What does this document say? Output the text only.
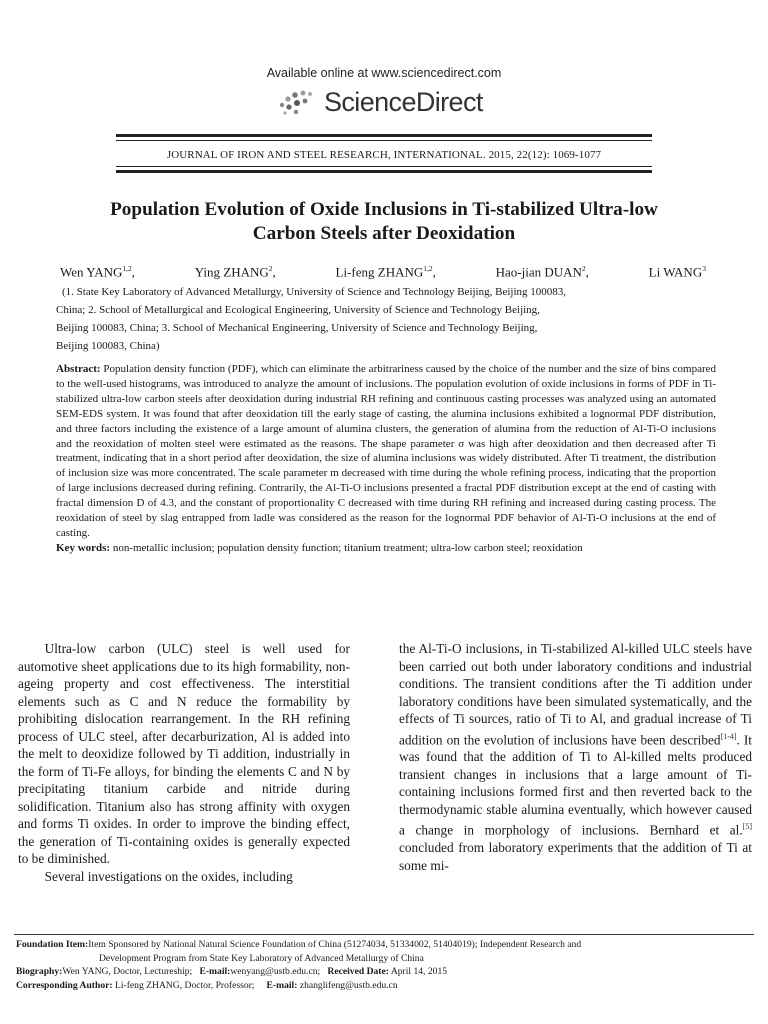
Available online at www.sciencedirect.com
ScienceDirect
JOURNAL OF IRON AND STEEL RESEARCH, INTERNATIONAL. 2015, 22(12): 1069-1077
Population Evolution of Oxide Inclusions in Ti-stabilized Ultra-low
Carbon Steels after Deoxidation
Wen YANG$^{1,2}$,	Ying ZHANG$^2$,	Li-feng ZHANG$^{1,2}$,	Hao-jian DUAN$^2$,	Li WANG$^3$
(1. State Key Laboratory of Advanced Metallurgy, University of Science and Technology Beijing, Beijing 100083,
China; 2. School of Metallurgical and Ecological Engineering, University of Science and Technology Beijing,
Beijing 100083, China; 3. School of Mechanical Engineering, University of Science and Technology Beijing,
Beijing 100083, China)
Abstract: Population density function (PDF), which can eliminate the arbitrariness caused by the choice of the number and the size of bins compared to the well-used histograms, was introduced to analyze the amount of inclusions. The population evolution of oxide inclusions in forms of PDF in Ti-stabilized ultra-low carbon steels after deoxidation during industrial RH refining and continuous casting processes was analyzed using an automated SEM-EDS system. It was found that after deoxidation till the early stage of casting, the alumina inclusions exhibited a lognormal PDF distribution, and three factors including the existence of a large amount of alumina clusters, the generation of alumina from the reduction of Al-Ti-O inclusions and the reoxidation of molten steel were estimated as the reasons. The shape parameter σ was high after deoxidation and then decreased after Ti treatment, indicating that in a short period after deoxidation, the size of alumina inclusions was widely distributed. After Ti treatment, the distribution of inclusion size was more concentrated. The scale parameter m decreased with time during the whole refining process, indicating that the proportion of large inclusions decreased during refining. Contrarily, the Al-Ti-O inclusions presented a fractal PDF distribution except at the end of casting with fractal dimension D of 4.3, and the constant of proportionality C decreased with time during RH refining and increased during casting process. The reoxidation of steel by slag entrapped from ladle was considered as the reason for the lognormal PDF behavior of Al-Ti-O inclusions at the end of casting.
Key words: non-metallic inclusion; population density function; titanium treatment; ultra-low carbon steel; reoxidation

Ultra-low carbon (ULC) steel is well used for automotive sheet applications due to its high formability, non-ageing property and cost effectiveness. The interstitial elements such as C and N reduce the formability by prohibiting dislocation rearrangement. In the RH refining process of ULC steel, after decarburization, Al is added into the melt to deoxidize followed by Ti addition, industrially in the form of Ti-Fe alloys, for binding the elements C and N by precipitating titanium carbide and nitride during solidification. Titanium also has strong affinity with oxygen and forms Ti oxides. In order to improve the binding effect, the generation of Ti-containing oxides is generally expected to be diminished.

Several investigations on the oxides, including

the Al-Ti-O inclusions, in Ti-stabilized Al-killed ULC steels have been carried out both under laboratory conditions and industrial conditions. The transient conditions after the Ti addition under laboratory conditions have been simulated systematically, and the effects of Ti sources, ratio of Ti to Al, and gradual increase of Ti addition on the evolution of inclusions have been described[1-4]. It was found that the addition of Ti to Al-killed melts produced transient changes in inclusions that a large amount of Ti-containing inclusions formed first and then reverted back to the thermodynamic stable alumina eventually, which however caused a change in morphology of inclusions. Bernhard et al.[5] concluded from laboratory experiments that the addition of Ti at some mi-

Foundation Item:Item Sponsored by National Natural Science Foundation of China (51274034, 51334002, 51404019); Independent Research and
Development Program from State Key Laboratory of Advanced Metallurgy of China
Biography:Wen YANG, Doctor, Lectureship; E-mail:wenyang@ustb.edu.cn; Received Date: April 14, 2015
Corresponding Author: Li-feng ZHANG, Doctor, Professor; E-mail: zhanglifeng@ustb.edu.cn
